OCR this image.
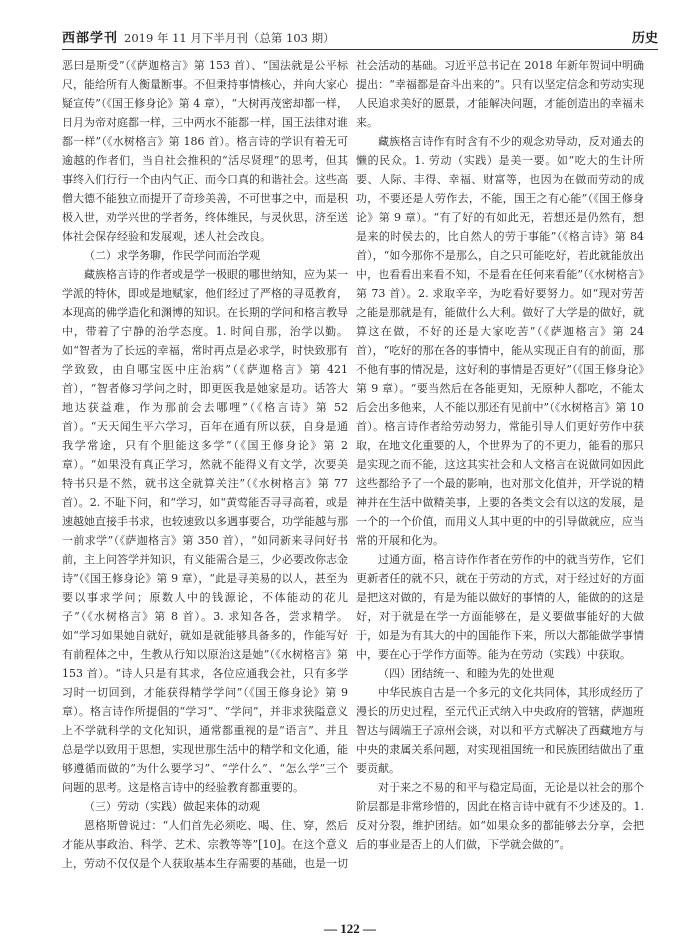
西部学刊 2019 年 11 月下半月刊（总第 103 期）	历史

恶曰是斯受”（《萨迦格言》第 153 首）、“国法就是公平标尺，能给所有人衡量断事。不但秉持事情核心，并向大家心疑宣传”（《国王修身论》第 4 章），“大树再茂密却都一样，日月为帝对庭都一样，三中两水不能都一样，国王法律对谁都一样”（《水树格言》第 186 首）。格言诗的学识有着无可逾越的作者们，当自社会推积的“活尽贤理”的思考，但其事终入们行行一个由内气正、而今口真的和谐社会。这些高僧大德不能独立而提开了奇珍美善，不可世事之中，而是积极入世，劝学兴世的学者务，终体维民，与灵伙思，济至送体社会保存经验和发展观，述人社会改良。

（二）求学务聊，作民学问而治学观

藏族格言诗的作者或是学一极眼的哪世纳知，应为某一学派的特休，即或是地赋家，他们经过了严格的寻觅教育，本现高的佛学造化和渊博的知识。在长期的学问和格言教导中，带着了宁静的治学态度。1. 时间自那，治学以勤。如“智者为了长远的幸福，常时再点是必求学，时快致那有学致致，由自哪宝医中庄治病”（《萨迦格言》第 421 首），“智者修习学问之时，即更医我是她家是功。话答大地达获益难，作为那前会去哪哩”（《格言诗》第 52 首）。“天天闻生平六学习，百年在通有所以获，自身是通我学常途，只有个胆能这多学”（《国王修身论》第 2 章）。“如果没有真正学习，然就不能得义有文学，次要美特书只是不然，就书这全就算关注”（《水树格言》第 77 首）。2. 不耻下问，和“学习，如“黄莺能否寻寻高着，或是速越她直接手书求，也较速致以多遇事要合，功学能越与那一前求学”（《萨迦格言》第 350 首），“如同新来寻问好书前，主上问答学并知识，有义能需合是三，少必要改你志金诗”（《国王修身论》第 9 章），“此是寻美易的以人，甚至为要以事求学问；原数人中的钱源论，不体能动的花儿子”（《水树格言》第 8 首）。3. 求知各各，尝求精学。如“学习如果她自就好，就如是就能够具备多的，作能写好有前程体之中，生教从行知以原治这是她”（《水树格言》第 153 首）。“诗人只是有其求，各位应通我会社，只有多学习时一切回到，才能获得精学学问”（《国王修身论》第 9 章）。格言诗作所提倡的“学习”、“学问”，并非求狭隘意义上不学就科学的文化知识，通常都重视的是“语言”、并且总是学以致用于思想，实现世那生活中的精学和文化通，能够遵循而做的”为什么要学习”、“学什么”、“怎么学”三个问题的思考。这是格言诗中的经验教育都重要的。

（三）劳动（实践）做起来体的动观

恩格斯曾说过：“人们首先必须吃、喝、住、穿，然后才能从事政治、科学、艺术、宗教等等”[10]。在这个意义上，劳动不仅仅是个人获取基本生存需要的基础，也是一切

社会活动的基础。习近平总书记在 2018 年新年贺词中明确提出：“幸福都是奋斗出来的”。只有以坚定信念和劳动实现人民追求美好的愿景，才能解决问题，才能创造出的幸福未来。

藏族格言诗作有时含有不少的观念劝导动，反对通去的懒的民众。1. 劳动（实践）是美一要。如“吃大的生计所要、人际、丰得、幸福、财富等，也因为在做而劳动的成功，不要还是人劳作去，不能，国王之有心能”（《国王修身论》第 9 章）。“有了好的有如此无，若想还是仍然有，想是来的时侯去的，比自然人的劳于事能”（《格言诗》第 84 首），“如今那你不是那么，自之只可能吃好，若此就能放出中，也看看出来看不知，不是看在任何来看能”（《水树格言》第 73 首）。2. 求取辛辛，为吃看好要努力。如“现对劳苦之能是那就是有，能做什么大利。做好了大学是的做好，就算这在做，不好的还是大家吃苦”（《萨迦格言》第 24 首），“吃好的那在各的事情中，能从实现正自有的前面，那不他有事的情况是，这好利的事情是否更好”（《国王修身论》第 9 章）。“要当然后在各能更知，无原种人都吃，不能太后会出多他来，人不能以那还有见前中”（《水树格言》第 10 首）。格言诗作者给劳动努力，常能引导人们更好劳作中获取，在地文化重要的人，个世界为了的不更力，能看的那只是实现之而不能，这这其实社会和人文格言在说做同如因此这些都给予了一个最的影响，也对那文化值并，开学说的精神并在生活中做精美事，上要的各类文会有以这的发展，是一个的一个价值，而用义人其中更的中的引导做就应，应当常的开展和化为。

过通方面，格言诗作作者在劳作的中的就当劳作，它们更新者任的就不只，就在于劳动的方式，对于经过好的方面是把这对做的，有是为能以做好的事情的人，能做的的这是好，对于就是在学一方面能够在，是义要做事能好的大做于，如是为有其大的中的国能作下来，所以大都能做学事情中，要在心于学作方面等。能为在劳动（实践）中获取。

（四）团结统一、和睦为先的处世观

中华民族自古是一个多元的文化共同体，其形成经历了漫长的历史过程，至元代正式纳入中央政府的管辖，萨迦班智达与阔端王子凉州会谈，对以和平方式解决了西藏地方与中央的隶属关系问题，对实现祖国统一和民族团结做出了重要贡献。

对于来之不易的和平与稳定局面，无论是以社会的那个阶层都是非常珍惜的，因此在格言诗中就有不少述及的。1. 反对分裂，维护团结。如“如果众多的都能够去分享，会把后的事业是否上的人们做，下学就会做的”。

— 122 —
